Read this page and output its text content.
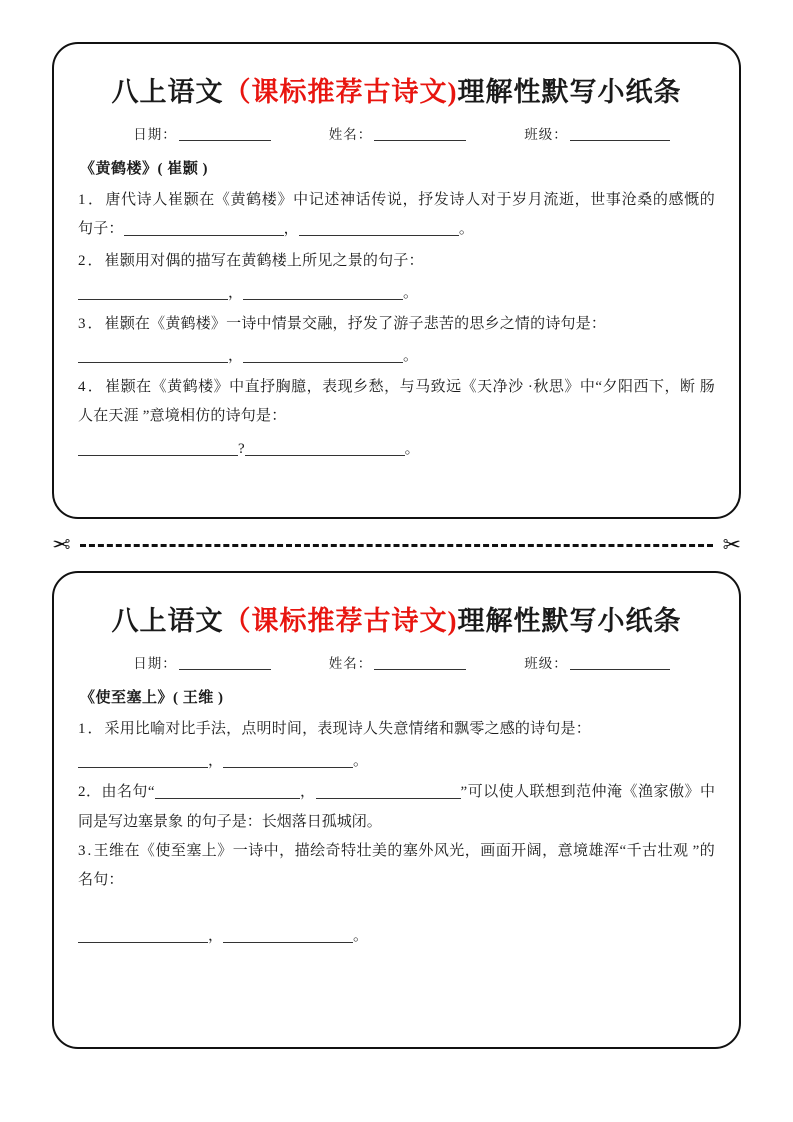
八上语文（课标推荐古诗文)理解性默写小纸条
日期：	姓名：	班级：
《黄鹤楼》( 崔颢 )
1．唐代诗人崔颢在《黄鹤楼》中记述神话传说，抒发诗人对于岁月流逝，世事沧桑的感慨的 句子：	，	。
2．崔颢用对偶的描写在黄鹤楼上所见之景的句子：
，	。
3．崔颢在《黄鹤楼》一诗中情景交融，抒发了游子悲苦的思乡之情的诗句是：
，	。
4．崔颢在《黄鹤楼》中直抒胸臆，表现乡愁，与马致远《天净沙 ·秋思》中“夕阳西下，断 肠人在天涯 ”意境相仿的诗句是：
?	。
✂	✂
八上语文（课标推荐古诗文)理解性默写小纸条
日期：	姓名：	班级：
《使至塞上》( 王维 )
1．采用比喻对比手法，点明时间，表现诗人失意情绪和飘零之感的诗句是：
，	。
2．由名句“	，	”可以使人联想到范仲淹《渔家傲》中同是写边塞景象 的句子是：长烟落日孤城闭。
3.王维在《使至塞上》一诗中，描绘奇特壮美的塞外风光，画面开阔，意境雄浑“千古壮观 ”的名句：
，	。
